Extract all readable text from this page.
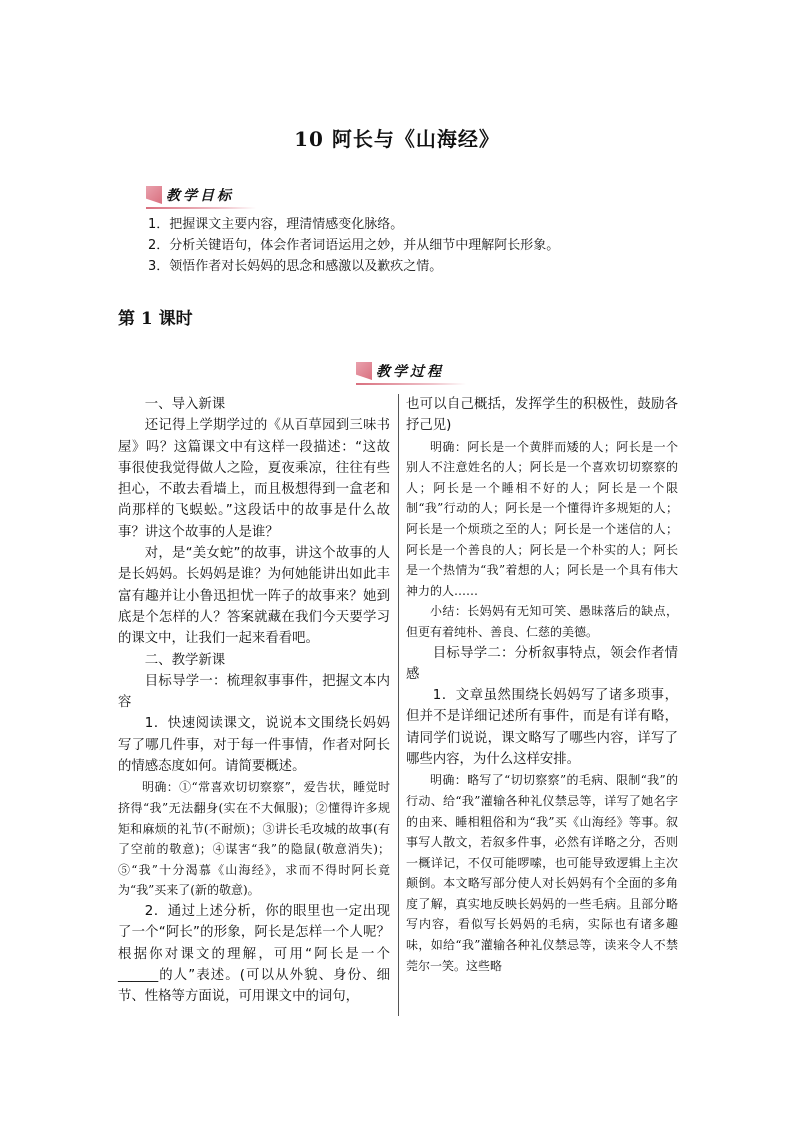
10 阿长与《山海经》
教学目标
1．把握课文主要内容，理清情感变化脉络。
2．分析关键语句，体会作者词语运用之妙，并从细节中理解阿长形象。
3．领悟作者对长妈妈的思念和感激以及歉疚之情。
第 1 课时
教学过程

一、导入新课

还记得上学期学过的《从百草园到三味书屋》吗？这篇课文中有这样一段描述：“这故事很使我觉得做人之险，夏夜乘凉，往往有些担心，不敢去看墙上，而且极想得到一盒老和尚那样的飞蜈蚣。”这段话中的故事是什么故事？讲这个故事的人是谁？

对，是“美女蛇”的故事，讲这个故事的人是长妈妈。长妈妈是谁？为何她能讲出如此丰富有趣并让小鲁迅担忧一阵子的故事来？她到底是个怎样的人？答案就藏在我们今天要学习的课文中，让我们一起来看看吧。

二、教学新课

目标导学一：梳理叙事事件，把握文本内容

1．快速阅读课文，说说本文围绕长妈妈写了哪几件事，对于每一件事情，作者对阿长的情感态度如何。请简要概述。

明确：①“常喜欢切切察察”，爱告状，睡觉时挤得“我”无法翻身(实在不大佩服)；②懂得许多规矩和麻烦的礼节(不耐烦)；③讲长毛攻城的故事(有了空前的敬意)；④谋害“我”的隐鼠(敬意消失)；⑤“我”十分渴慕《山海经》，求而不得时阿长竟为“我”买来了(新的敬意)。

2．通过上述分析，你的眼里也一定出现了一个“阿长”的形象，阿长是怎样一个人呢？根据你对课文的理解，可用“阿长是一个______的人”表述。(可以从外貌、身份、细节、性格等方面说，可用课文中的词句，

也可以自己概括，发挥学生的积极性，鼓励各抒己见)

明确：阿长是一个黄胖而矮的人；阿长是一个别人不注意姓名的人；阿长是一个喜欢切切察察的人；阿长是一个睡相不好的人；阿长是一个限制“我”行动的人；阿长是一个懂得许多规矩的人；阿长是一个烦琐之至的人；阿长是一个迷信的人；阿长是一个善良的人；阿长是一个朴实的人；阿长是一个热情为“我”着想的人；阿长是一个具有伟大神力的人……

小结：长妈妈有无知可笑、愚昧落后的缺点，但更有着纯朴、善良、仁慈的美德。

目标导学二：分析叙事特点，领会作者情感

1．文章虽然围绕长妈妈写了诸多琐事，但并不是详细记述所有事件，而是有详有略，请同学们说说，课文略写了哪些内容，详写了哪些内容，为什么这样安排。

明确：略写了“切切察察”的毛病、限制“我”的行动、给“我”灌输各种礼仪禁忌等，详写了她名字的由来、睡相粗俗和为“我”买《山海经》等事。叙事写人散文，若叙多件事，必然有详略之分，否则一概详记，不仅可能啰嗦，也可能导致逻辑上主次颠倒。本文略写部分使人对长妈妈有个全面的多角度了解，真实地反映长妈妈的一些毛病。且部分略写内容，看似写长妈妈的毛病，实际也有诸多趣味，如给“我”灌输各种礼仪禁忌等，读来令人不禁莞尔一笑。这些略
